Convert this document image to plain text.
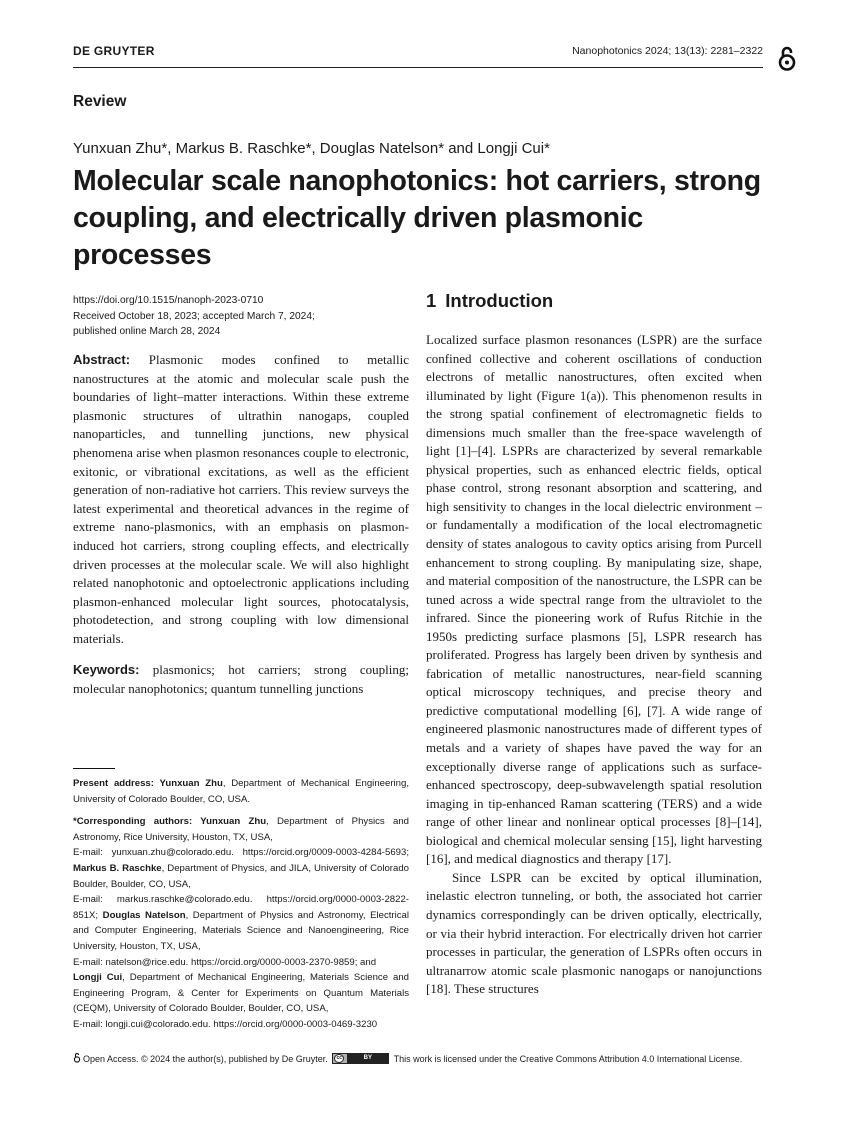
DE GRUYTER	Nanophotonics 2024; 13(13): 2281–2322
Review
Yunxuan Zhu*, Markus B. Raschke*, Douglas Natelson* and Longji Cui*
Molecular scale nanophotonics: hot carriers, strong coupling, and electrically driven plasmonic processes
https://doi.org/10.1515/nanoph-2023-0710
Received October 18, 2023; accepted March 7, 2024;
published online March 28, 2024
Abstract: Plasmonic modes confined to metallic nanostructures at the atomic and molecular scale push the boundaries of light–matter interactions. Within these extreme plasmonic structures of ultrathin nanogaps, coupled nanoparticles, and tunnelling junctions, new physical phenomena arise when plasmon resonances couple to electronic, exitonic, or vibrational excitations, as well as the efficient generation of non-radiative hot carriers. This review surveys the latest experimental and theoretical advances in the regime of extreme nano-plasmonics, with an emphasis on plasmon-induced hot carriers, strong coupling effects, and electrically driven processes at the molecular scale. We will also highlight related nanophotonic and optoelectronic applications including plasmon-enhanced molecular light sources, photocatalysis, photodetection, and strong coupling with low dimensional materials.
Keywords: plasmonics; hot carriers; strong coupling; molecular nanophotonics; quantum tunnelling junctions

Present address: Yunxuan Zhu, Department of Mechanical Engineering, University of Colorado Boulder, CO, USA.

*Corresponding authors: Yunxuan Zhu, Department of Physics and Astronomy, Rice University, Houston, TX, USA,
E-mail: yunxuan.zhu@colorado.edu. https://orcid.org/0009-0003-4284-5693; Markus B. Raschke, Department of Physics, and JILA, University of Colorado Boulder, Boulder, CO, USA,
E-mail: markus.raschke@colorado.edu. https://orcid.org/0000-0003-2822-851X; Douglas Natelson, Department of Physics and Astronomy, Electrical and Computer Engineering, Materials Science and Nanoengineering, Rice University, Houston, TX, USA,
E-mail: natelson@rice.edu. https://orcid.org/0000-0003-2370-9859; and
Longji Cui, Department of Mechanical Engineering, Materials Science and Engineering Program, & Center for Experiments on Quantum Materials (CEQM), University of Colorado Boulder, Boulder, CO, USA,
E-mail: longji.cui@colorado.edu. https://orcid.org/0000-0003-0469-3230

1 Introduction

Localized surface plasmon resonances (LSPR) are the surface confined collective and coherent oscillations of conduction electrons of metallic nanostructures, often excited when illuminated by light (Figure 1(a)). This phenomenon results in the strong spatial confinement of electromagnetic fields to dimensions much smaller than the free-space wavelength of light [1]–[4]. LSPRs are characterized by several remarkable physical properties, such as enhanced electric fields, optical phase control, strong resonant absorption and scattering, and high sensitivity to changes in the local dielectric environment – or fundamentally a modification of the local electromagnetic density of states analogous to cavity optics arising from Purcell enhancement to strong coupling. By manipulating size, shape, and material composition of the nanostructure, the LSPR can be tuned across a wide spectral range from the ultraviolet to the infrared. Since the pioneering work of Rufus Ritchie in the 1950s predicting surface plasmons [5], LSPR research has proliferated. Progress has largely been driven by synthesis and fabrication of metallic nanostructures, near-field scanning optical microscopy techniques, and precise theory and predictive computational modelling [6], [7]. A wide range of engineered plasmonic nanostructures made of different types of metals and a variety of shapes have paved the way for an exceptionally diverse range of applications such as surface-enhanced spectroscopy, deep-subwavelength spatial resolution imaging in tip-enhanced Raman scattering (TERS) and a wide range of other linear and nonlinear optical processes [8]–[14], biological and chemical molecular sensing [15], light harvesting [16], and medical diagnostics and therapy [17].

Since LSPR can be excited by optical illumination, inelastic electron tunneling, or both, the associated hot carrier dynamics correspondingly can be driven optically, electrically, or via their hybrid interaction. For electrically driven hot carrier processes in particular, the generation of LSPRs often occurs in ultranarrow atomic scale plasmonic nanogaps or nanojunctions [18]. These structures

Open Access. © 2024 the author(s), published by De Gruyter.	cc	BY	This work is licensed under the Creative Commons Attribution 4.0 International License.
